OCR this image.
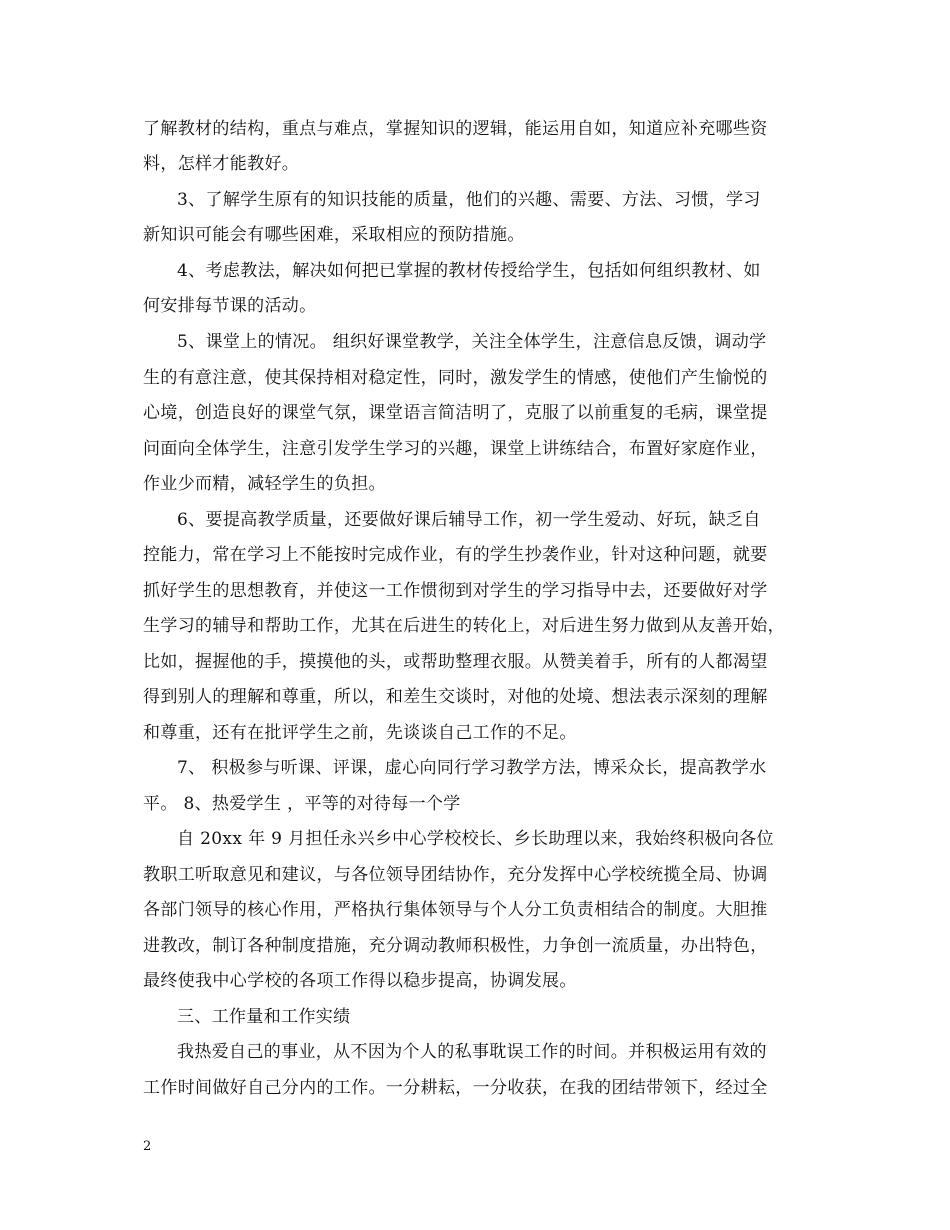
了解教材的结构，重点与难点，掌握知识的逻辑，能运用自如，知道应补充哪些资
料，怎样才能教好。
3、了解学生原有的知识技能的质量，他们的兴趣、需要、方法、习惯，学习
新知识可能会有哪些困难，采取相应的预防措施。
4、考虑教法，解决如何把已掌握的教材传授给学生，包括如何组织教材、如
何安排每节课的活动。
5、课堂上的情况。 组织好课堂教学，关注全体学生，注意信息反馈，调动学
生的有意注意，使其保持相对稳定性，同时，激发学生的情感，使他们产生愉悦的
心境，创造良好的课堂气氛，课堂语言简洁明了，克服了以前重复的毛病，课堂提
问面向全体学生，注意引发学生学习的兴趣，课堂上讲练结合，布置好家庭作业，
作业少而精，减轻学生的负担。
6、要提高教学质量，还要做好课后辅导工作，初一学生爱动、好玩，缺乏自
控能力，常在学习上不能按时完成作业，有的学生抄袭作业，针对这种问题，就要
抓好学生的思想教育，并使这一工作惯彻到对学生的学习指导中去，还要做好对学
生学习的辅导和帮助工作，尤其在后进生的转化上，对后进生努力做到从友善开始，
比如，握握他的手，摸摸他的头，或帮助整理衣服。从赞美着手，所有的人都渴望
得到别人的理解和尊重，所以，和差生交谈时，对他的处境、想法表示深刻的理解
和尊重，还有在批评学生之前，先谈谈自己工作的不足。
7、 积极参与听课、评课，虚心向同行学习教学方法，博采众长，提高教学水
平。 8、热爱学生 ，平等的对待每一个学
自 20xx 年 9 月担任永兴乡中心学校校长、乡长助理以来，我始终积极向各位
教职工听取意见和建议，与各位领导团结协作，充分发挥中心学校统揽全局、协调
各部门领导的核心作用，严格执行集体领导与个人分工负责相结合的制度。大胆推
进教改，制订各种制度措施，充分调动教师积极性，力争创一流质量，办出特色，
最终使我中心学校的各项工作得以稳步提高，协调发展。
三、工作量和工作实绩
我热爱自己的事业，从不因为个人的私事耽误工作的时间。并积极运用有效的
工作时间做好自己分内的工作。一分耕耘，一分收获，在我的团结带领下，经过全
2
